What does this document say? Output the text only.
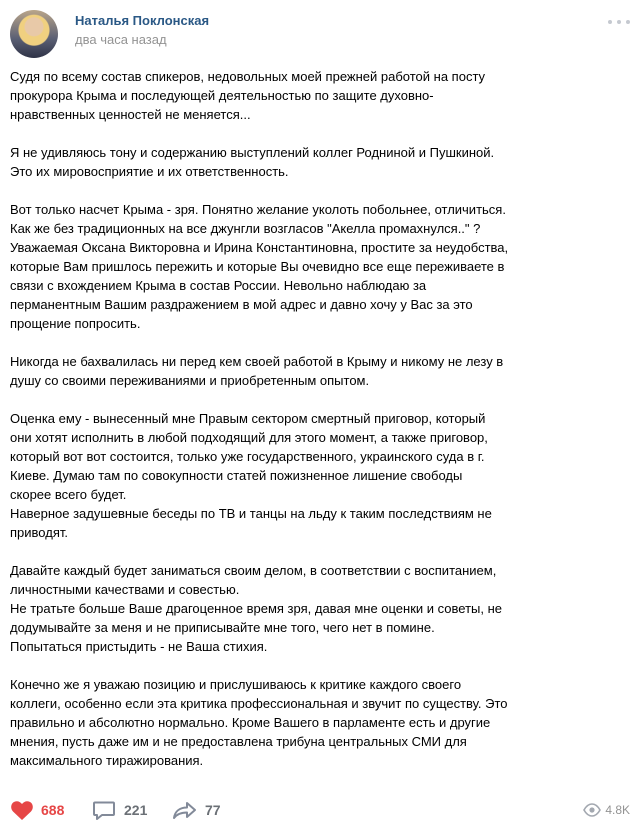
Наталья Поклонская
два часа назад
Судя по всему состав спикеров, недовольных моей прежней работой на посту
прокурора Крыма и последующей деятельностью по защите духовно-
нравственных ценностей не меняется...
Я не удивляюсь тону и содержанию выступлений коллег Родниной и Пушкиной.
Это их мировосприятие и их ответственность.
Вот только насчет Крыма - зря. Понятно желание уколоть побольнее, отличиться.
Как же без традиционных на все джунгли возгласов "Акелла промахнулся.." ?
Уважаемая Оксана Викторовна и Ирина Константиновна, простите за неудобства,
которые Вам пришлось пережить и которые Вы очевидно все еще переживаете в
связи с вхождением Крыма в состав России. Невольно наблюдаю за
перманентным Вашим раздражением в мой адрес и давно хочу у Вас за это
прощение попросить.
Никогда не бахвалилась ни перед кем своей работой в Крыму и никому не лезу в
душу со своими переживаниями и приобретенным опытом.
Оценка ему - вынесенный мне Правым сектором смертный приговор, который
они хотят исполнить в любой подходящий для этого момент, а также приговор,
который вот вот состоится, только уже государственного, украинского суда в г.
Киеве. Думаю там по совокупности статей пожизненное лишение свободы
скорее всего будет.
Наверное задушевные беседы по ТВ и танцы на льду к таким последствиям не
приводят.
Давайте каждый будет заниматься своим делом, в соответствии с воспитанием,
личностными качествами и совестью.
Не тратьте больше Ваше драгоценное время зря, давая мне оценки и советы, не
додумывайте за меня и не приписывайте мне того, чего нет в помине.
Попытаться пристыдить - не Ваша стихия.
Конечно же я уважаю позицию и прислушиваюсь к критике каждого своего
коллеги, особенно если эта критика профессиональная и звучит по существу. Это
правильно и абсолютно нормально. Кроме Вашего в парламенте есть и другие
мнения, пусть даже им и не предоставлена трибуна центральных СМИ для
максимального тиражирования.
688	221	77	4.8K
